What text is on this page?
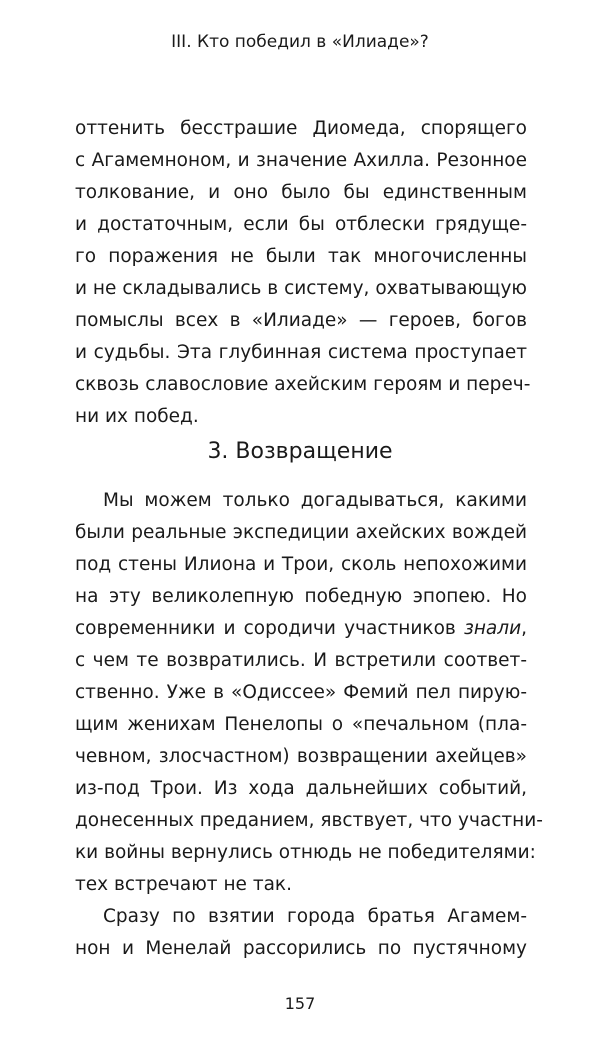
III. Кто победил в «Илиаде»?
оттенить бесстрашие Диомеда, спорящего
с Агамемноном, и значение Ахилла. Резонное
толкование, и оно было бы единственным
и достаточным, если бы отблески грядуще-
го поражения не были так многочисленны
и не складывались в систему, охватывающую
помыслы всех в «Илиаде» — героев, богов
и судьбы. Эта глубинная система проступает
сквозь славословие ахейским героям и переч-
ни их побед.
3. Возвращение
Мы можем только догадываться, какими
были реальные экспедиции ахейских вождей
под стены Илиона и Трои, сколь непохожими
на эту великолепную победную эпопею. Но
современники и сородичи участников знали,
с чем те возвратились. И встретили соответ-
ственно. Уже в «Одиссее» Фемий пел пирую-
щим женихам Пенелопы о «печальном (пла-
чевном, злосчастном) возвращении ахейцев»
из-под Трои. Из хода дальнейших событий,
донесенных преданием, явствует, что участни-
ки войны вернулись отнюдь не победителями:
тех встречают не так.
Сразу по взятии города братья Агамем-
нон и Менелай рассорились по пустячному
157
